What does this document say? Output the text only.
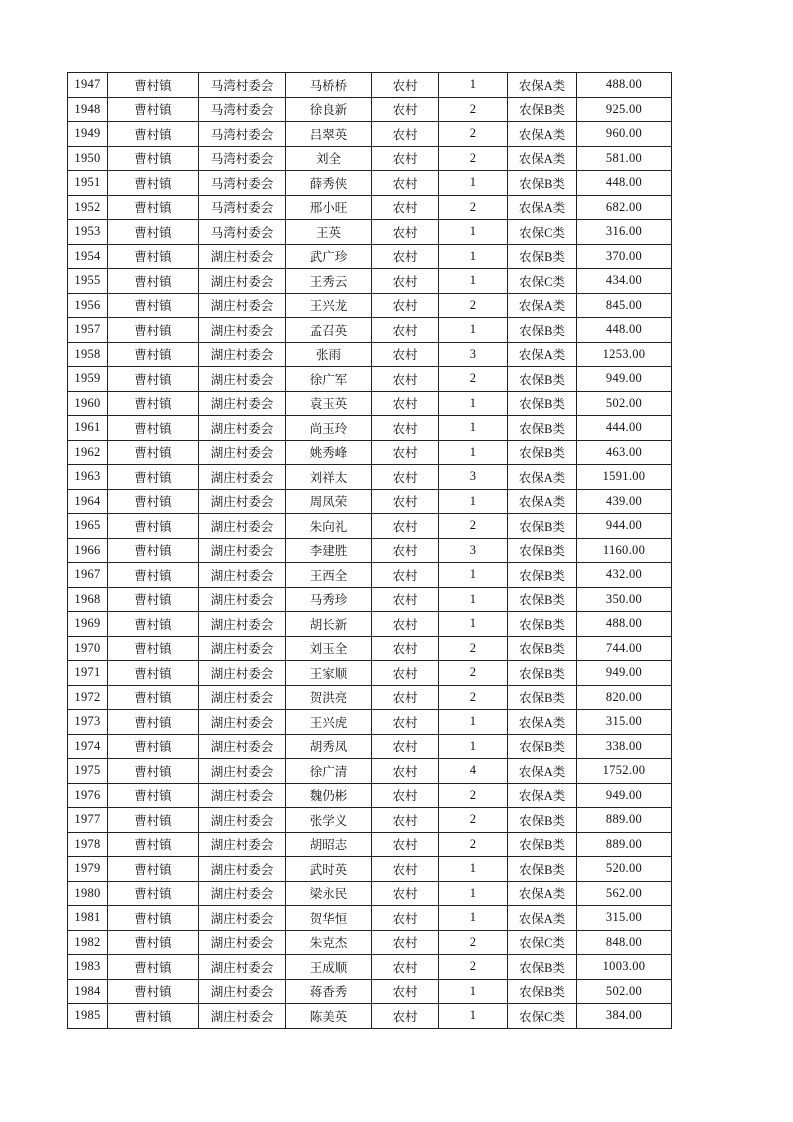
1947	曹村镇	马湾村委会	马桥桥	农村	1	农保A类	488.00
1948	曹村镇	马湾村委会	徐良新	农村	2	农保B类	925.00
1949	曹村镇	马湾村委会	吕翠英	农村	2	农保A类	960.00
1950	曹村镇	马湾村委会	刘全	农村	2	农保A类	581.00
1951	曹村镇	马湾村委会	薛秀侠	农村	1	农保B类	448.00
1952	曹村镇	马湾村委会	邢小旺	农村	2	农保A类	682.00
1953	曹村镇	马湾村委会	王英	农村	1	农保C类	316.00
1954	曹村镇	湖庄村委会	武广珍	农村	1	农保B类	370.00
1955	曹村镇	湖庄村委会	王秀云	农村	1	农保C类	434.00
1956	曹村镇	湖庄村委会	王兴龙	农村	2	农保A类	845.00
1957	曹村镇	湖庄村委会	孟召英	农村	1	农保B类	448.00
1958	曹村镇	湖庄村委会	张雨	农村	3	农保A类	1253.00
1959	曹村镇	湖庄村委会	徐广军	农村	2	农保B类	949.00
1960	曹村镇	湖庄村委会	袁玉英	农村	1	农保B类	502.00
1961	曹村镇	湖庄村委会	尚玉玲	农村	1	农保B类	444.00
1962	曹村镇	湖庄村委会	姚秀峰	农村	1	农保B类	463.00
1963	曹村镇	湖庄村委会	刘祥太	农村	3	农保A类	1591.00
1964	曹村镇	湖庄村委会	周凤荣	农村	1	农保A类	439.00
1965	曹村镇	湖庄村委会	朱向礼	农村	2	农保B类	944.00
1966	曹村镇	湖庄村委会	李建胜	农村	3	农保B类	1160.00
1967	曹村镇	湖庄村委会	王西全	农村	1	农保B类	432.00
1968	曹村镇	湖庄村委会	马秀珍	农村	1	农保B类	350.00
1969	曹村镇	湖庄村委会	胡长新	农村	1	农保B类	488.00
1970	曹村镇	湖庄村委会	刘玉全	农村	2	农保B类	744.00
1971	曹村镇	湖庄村委会	王家顺	农村	2	农保B类	949.00
1972	曹村镇	湖庄村委会	贺洪亮	农村	2	农保B类	820.00
1973	曹村镇	湖庄村委会	王兴虎	农村	1	农保A类	315.00
1974	曹村镇	湖庄村委会	胡秀凤	农村	1	农保B类	338.00
1975	曹村镇	湖庄村委会	徐广清	农村	4	农保A类	1752.00
1976	曹村镇	湖庄村委会	魏仍彬	农村	2	农保A类	949.00
1977	曹村镇	湖庄村委会	张学义	农村	2	农保B类	889.00
1978	曹村镇	湖庄村委会	胡昭志	农村	2	农保B类	889.00
1979	曹村镇	湖庄村委会	武时英	农村	1	农保B类	520.00
1980	曹村镇	湖庄村委会	梁永民	农村	1	农保A类	562.00
1981	曹村镇	湖庄村委会	贺华恒	农村	1	农保A类	315.00
1982	曹村镇	湖庄村委会	朱克杰	农村	2	农保C类	848.00
1983	曹村镇	湖庄村委会	王成顺	农村	2	农保B类	1003.00
1984	曹村镇	湖庄村委会	蒋香秀	农村	1	农保B类	502.00
1985	曹村镇	湖庄村委会	陈美英	农村	1	农保C类	384.00
